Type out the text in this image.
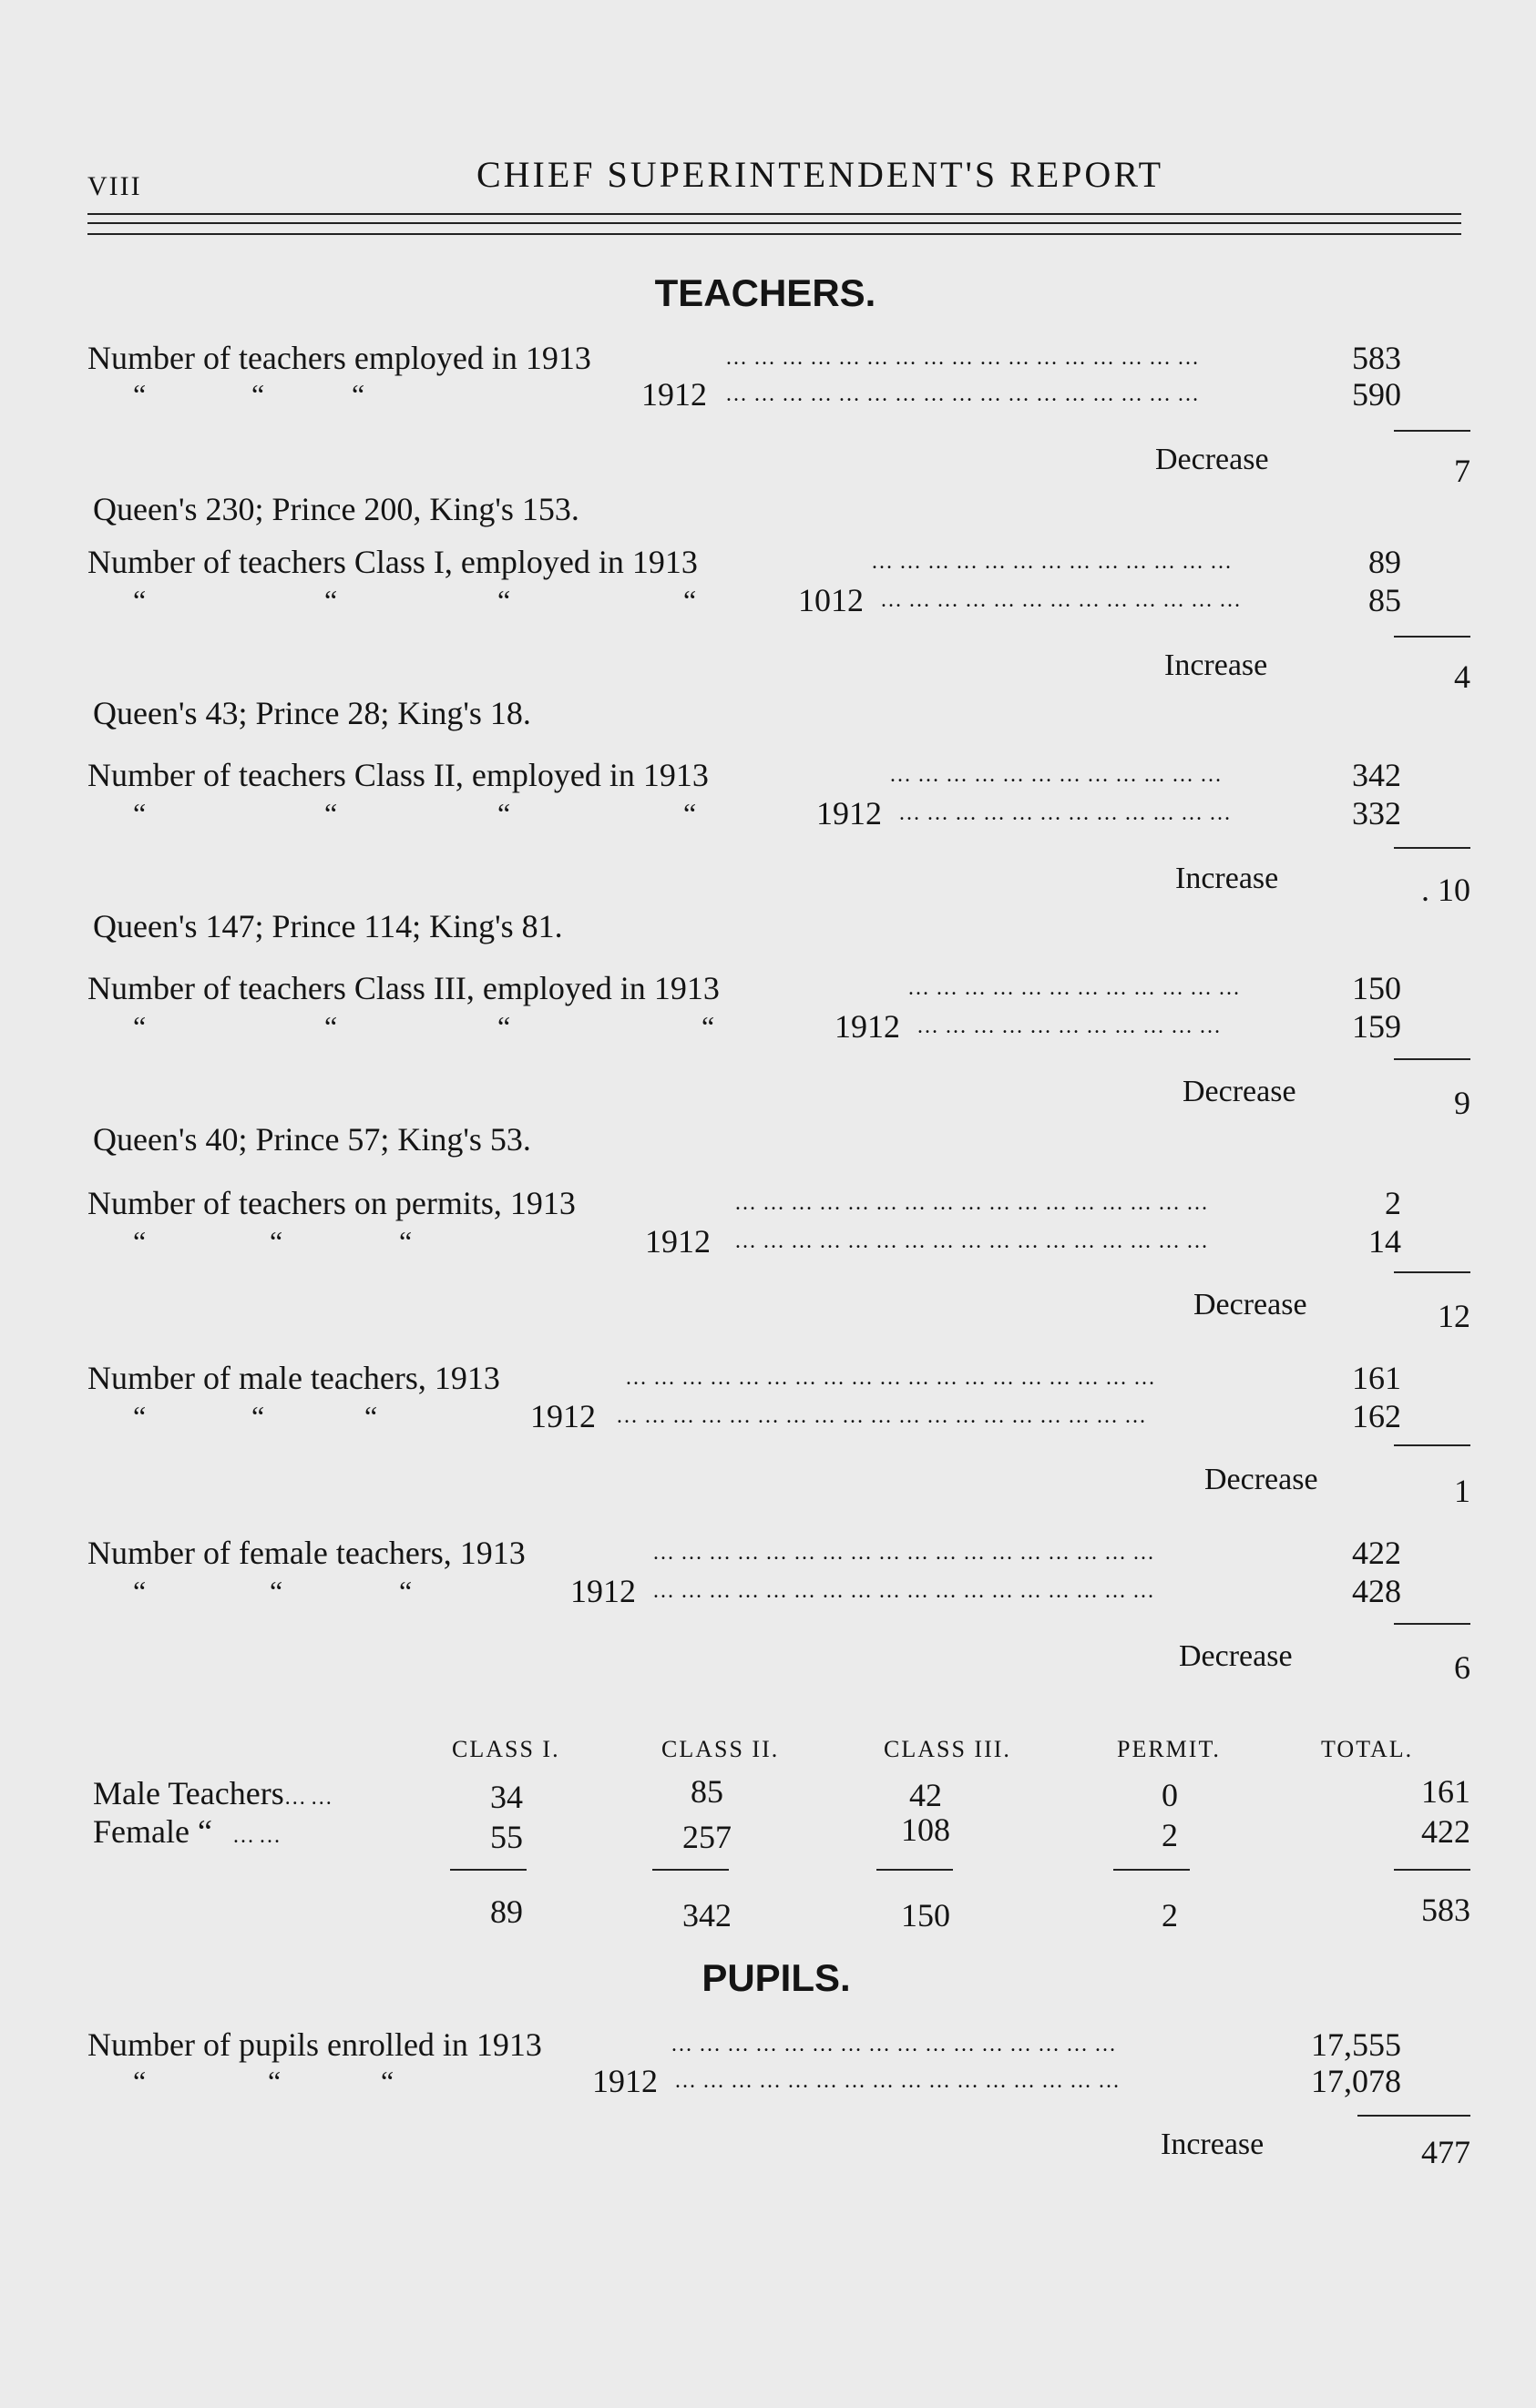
VIII	CHIEF SUPERINTENDENT'S REPORT
TEACHERS.
Number of teachers employed in 1913	……………………………………………	583
“	“	“	1912 ……………………………………………	590
Decrease	7
Queen's 230; Prince 200, King's 153.
Number of teachers Class I, employed in 1913	…………………………………	89
“	“	“	“	1012 …………………………………	85
Increase	4
Queen's 43; Prince 28; King's 18.
Number of teachers Class II, employed in 1913	………………………………	342
“	“	“	“	1912 ………………………………	332
Increase	. 10
Queen's 147; Prince 114; King's 81.
Number of teachers Class III, employed in 1913	………………………………	150
“	“	“	“	1912 ……………………………	159
Decrease	9
Queen's 40; Prince 57; King's 53.
Number of teachers on permits, 1913	……………………………………………	2
“	“	“	1912 ……………………………………………	14
Decrease	12
Number of male teachers, 1913	…………………………………………………	161
“	“	“	1912 …………………………………………………	162
Decrease	1
Number of female teachers, 1913	………………………………………………	422
“	“	“	1912 ………………………………………………	428
Decrease	6
CLASS I.	CLASS II.	CLASS III.	PERMIT.	TOTAL.
Male Teachers……	34	85	42	0	161
Female “  ……	55	257	108	2	422
89	342	150	2	583
PUPILS.
Number of pupils enrolled in 1913	…………………………………………	17,555
“	“	“	1912 …………………………………………	17,078
Increase	477
